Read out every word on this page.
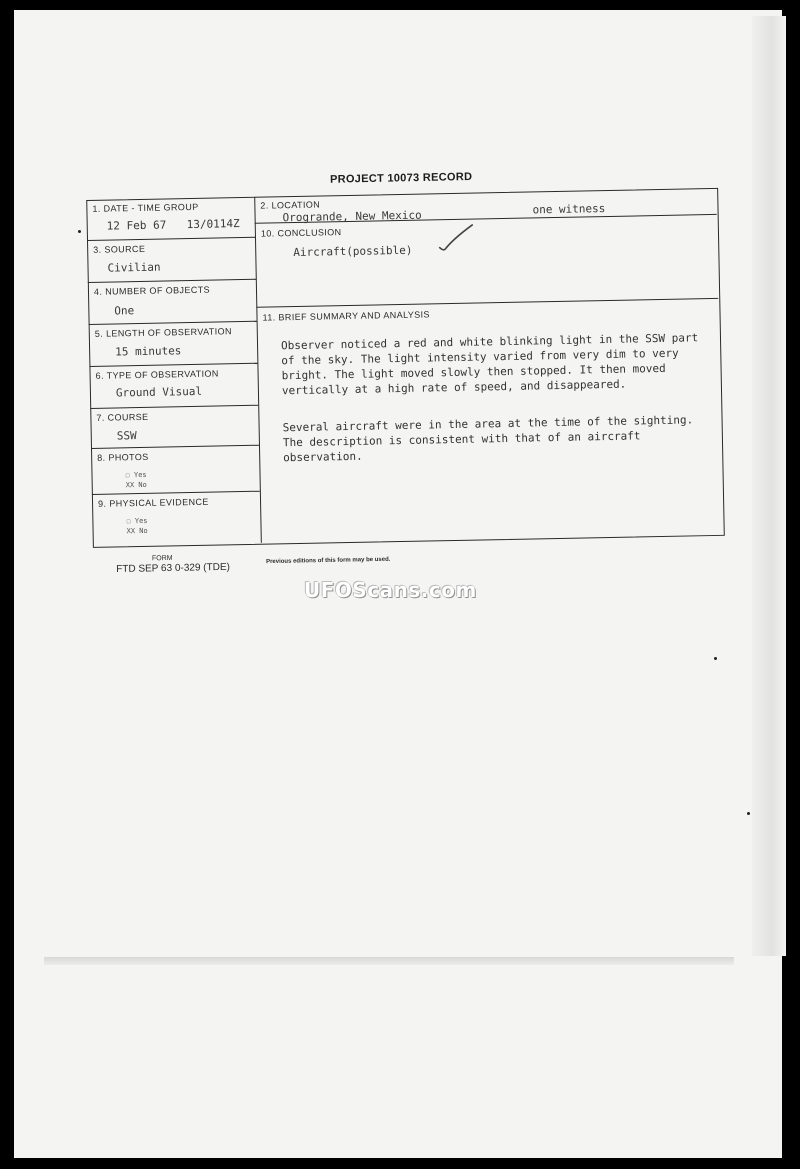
PROJECT 10073 RECORD
1. DATE - TIME GROUP
12 Feb 67 13/0114Z
2. LOCATION
Orogrande, New Mexico	one witness
3. SOURCE
Civilian
10. CONCLUSION
Aircraft(possible)
4. NUMBER OF OBJECTS
One
5. LENGTH OF OBSERVATION
15 minutes
11. BRIEF SUMMARY AND ANALYSIS
Observer noticed a red and white blinking light in the SSW part of the sky. The light intensity varied from very dim to very bright. The light moved slowly then stopped. It then moved vertically at a high rate of speed, and disappeared.
Several aircraft were in the area at the time of the sighting. The description is consistent with that of an aircraft observation.
6. TYPE OF OBSERVATION
Ground Visual
7. COURSE
SSW
8. PHOTOS
☐ Yes
XX No
9. PHYSICAL EVIDENCE
☐ Yes
XX No
FORM
FTD SEP 63 0-329 (TDE)
Previous editions of this form may be used.
UFOScans.com
